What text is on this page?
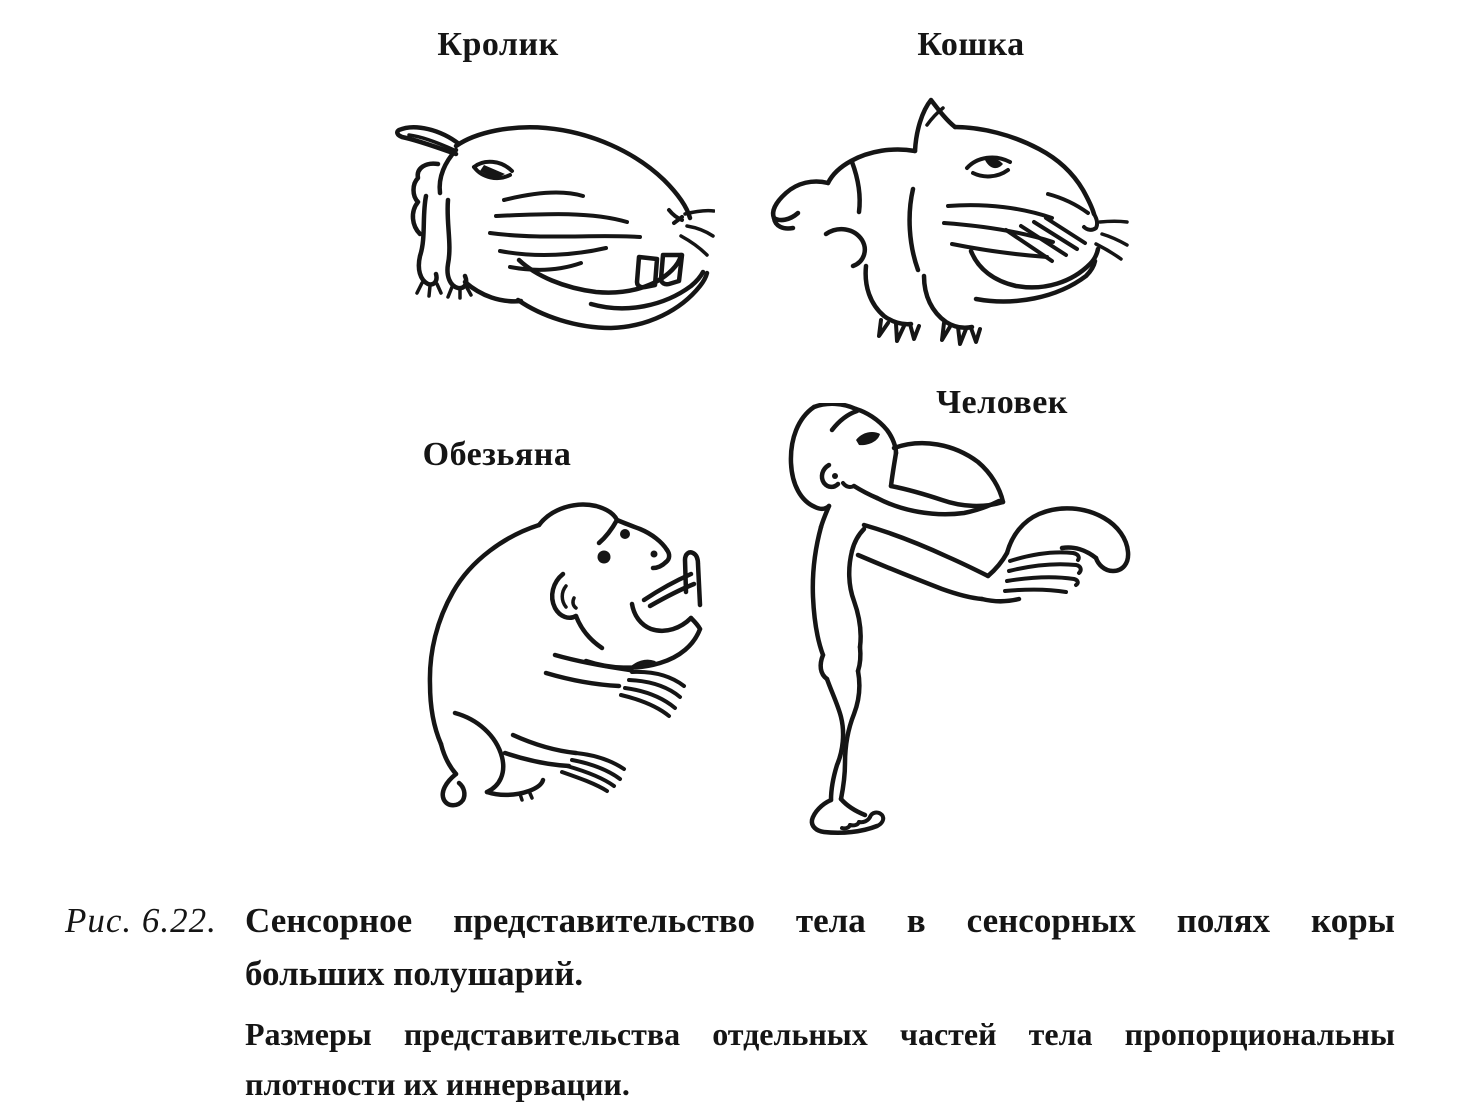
Кролик	Кошка
Обезьяна
Человек
Рис. 6.22. Сенсорное представительство тела в сенсорных полях коры
больших полушарий.
Размеры представительства отдельных частей тела пропорциональны
плотности их иннервации.
